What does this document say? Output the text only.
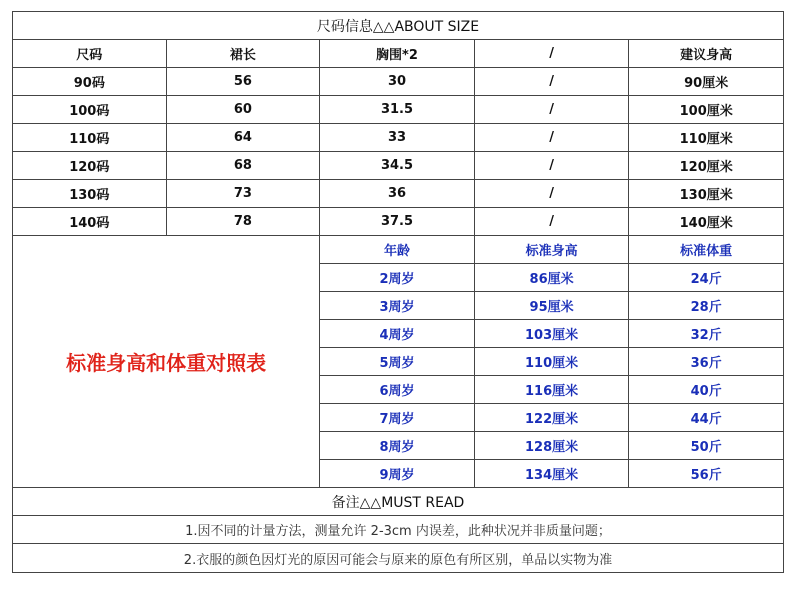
尺码信息△△ABOUT SIZE				
尺码	裙长	胸围*2	/	建议身高
90码	56	30	/	90厘米
100码	60	31.5	/	100厘米
110码	64	33	/	110厘米
120码	68	34.5	/	120厘米
130码	73	36	/	130厘米
140码	78	37.5	/	140厘米
标准身高和体重对照表		年龄	标准身高	标准体重
		2周岁	86厘米	24斤
		3周岁	95厘米	28斤
		4周岁	103厘米	32斤
		5周岁	110厘米	36斤
		6周岁	116厘米	40斤
		7周岁	122厘米	44斤
		8周岁	128厘米	50斤
		9周岁	134厘米	56斤
备注△△MUST READ				
1.因不同的计量方法，测量允许 2-3cm 内误差，此种状况并非质量问题；				
2.衣服的颜色因灯光的原因可能会与原来的原色有所区别，单品以实物为准				
